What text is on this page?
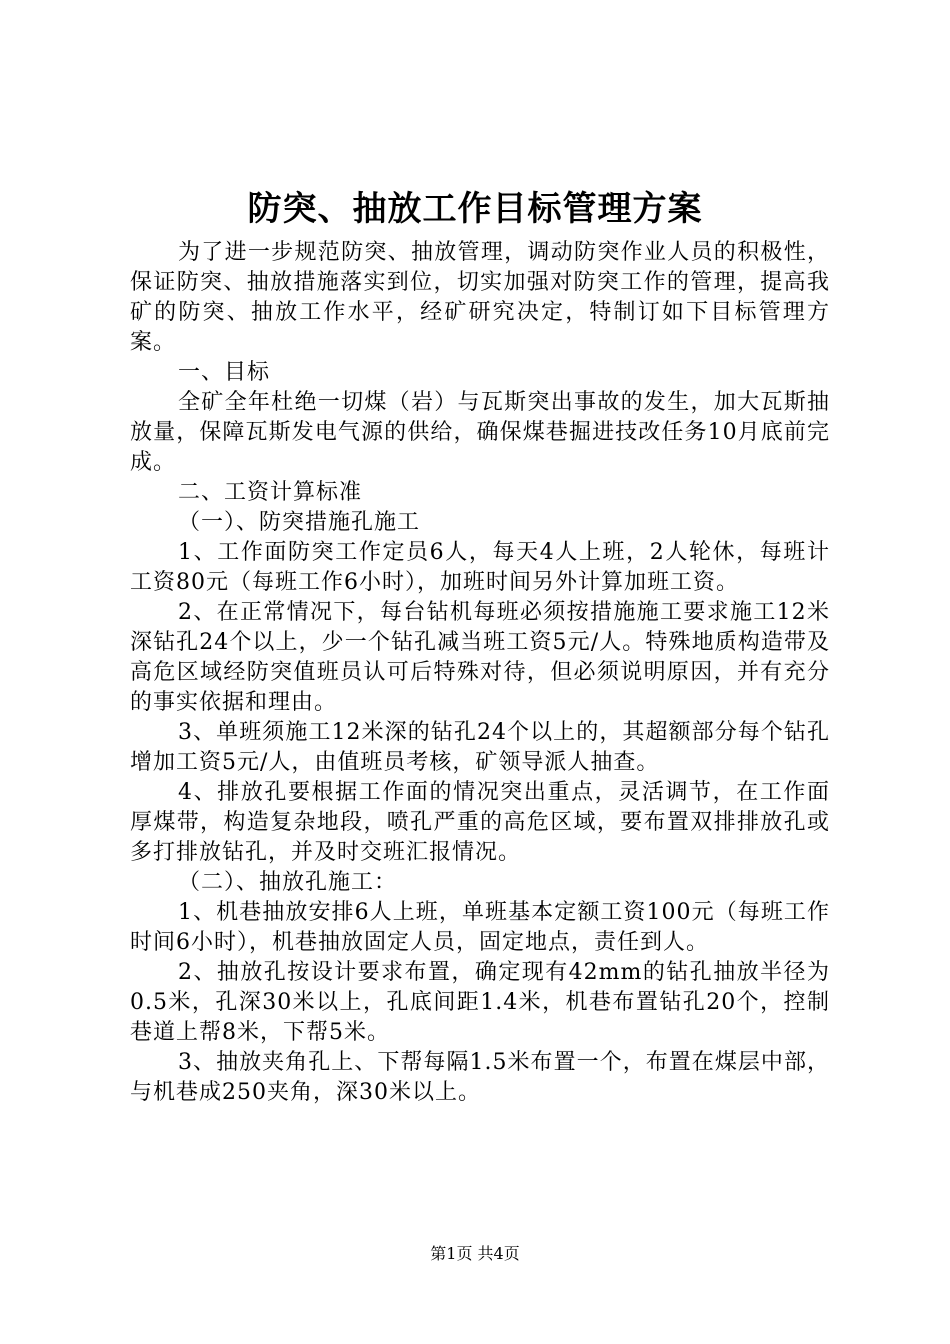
防突、抽放工作目标管理方案

为了进一步规范防突、抽放管理，调动防突作业人员的积极性，保证防突、抽放措施落实到位，切实加强对防突工作的管理，提高我矿的防突、抽放工作水平，经矿研究决定，特制订如下目标管理方案。

一、目标

全矿全年杜绝一切煤（岩）与瓦斯突出事故的发生，加大瓦斯抽放量，保障瓦斯发电气源的供给，确保煤巷掘进技改任务10月底前完成。

二、工资计算标准

（一）、防突措施孔施工

1、工作面防突工作定员6人，每天4人上班，2人轮休，每班计工资80元（每班工作6小时），加班时间另外计算加班工资。

2、在正常情况下，每台钻机每班必须按措施施工要求施工12米深钻孔24个以上，少一个钻孔减当班工资5元/人。特殊地质构造带及高危区域经防突值班员认可后特殊对待，但必须说明原因，并有充分的事实依据和理由。

3、单班须施工12米深的钻孔24个以上的，其超额部分每个钻孔增加工资5元/人，由值班员考核，矿领导派人抽查。

4、排放孔要根据工作面的情况突出重点，灵活调节，在工作面厚煤带，构造复杂地段，喷孔严重的高危区域，要布置双排排放孔或多打排放钻孔，并及时交班汇报情况。

（二）、抽放孔施工：

1、机巷抽放安排6人上班，单班基本定额工资100元（每班工作时间6小时），机巷抽放固定人员，固定地点，责任到人。

2、抽放孔按设计要求布置，确定现有42mm的钻孔抽放半径为0.5米，孔深30米以上，孔底间距1.4米，机巷布置钻孔20个，控制巷道上帮8米，下帮5米。

3、抽放夹角孔上、下帮每隔1.5米布置一个，布置在煤层中部，与机巷成250夹角，深30米以上。

第1页 共4页
